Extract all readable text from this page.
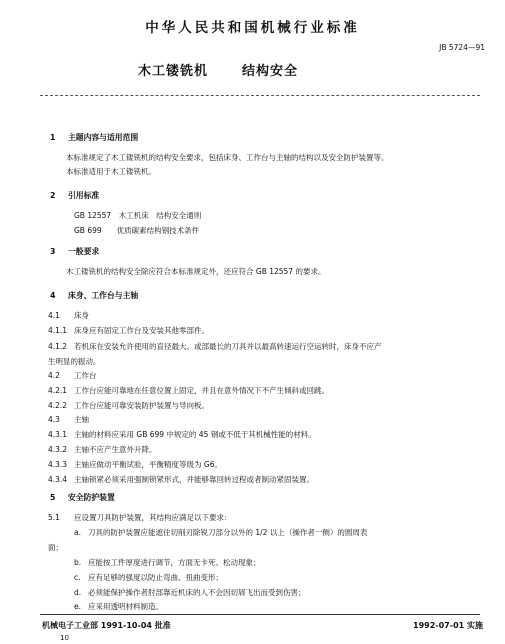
中华人民共和国机械行业标准
JB 5724—91
木工镂铣机	结构安全
1 主题内容与适用范围
2 引用标准
3 一般要求
4 床身、工作台与主轴
5 安全防护装置
本标准规定了木工镂铣机的结构安全要求，包括床身、工作台与主轴的结构以及安全防护装置等。
本标准适用于木工镂铣机。
GB 12557　木工机床　结构安全通则
GB 699　　优质碳素结构钢技术条件
木工镂铣机的结构安全除应符合本标准规定外，还应符合 GB 12557 的要求。
4.1 床身
4.1.1 床身应有固定工作台及安装其他零部件。
4.1.2 若机床在安装允许使用的直径最大、或部最长的刀具并以最高转速运行空运转时，床身不应产
生明显的振动。
4.2 工作台
4.2.1 工作台应能可靠地在任意位置上固定，并且在意外情况下不产生倾斜或回跳。
4.2.2 工作台应能可靠安装防护装置与导向板。
4.3 主轴
4.3.1 主轴的材料应采用 GB 699 中规定的 45 钢或不低于其机械性能的材料。
4.3.2 主轴不应产生意外升降。
4.3.3 主轴应做动平衡试验，平衡精度等级为 G6。
4.3.4 主轴锁紧必须采用强制锁紧形式，并能够靠回转过程或者制动紧固装置。
5.1 应设置刀具防护装置，其结构应满足以下要求：
a. 刀具的防护装置应能遮住切削刃除锐刀部分以外的 1/2 以上（操作者一侧）的圆周表
面；
b. 应能按工件厚度进行调节，方面无卡死、松动现象；
c. 应有足够的强度以防止弯曲、扭曲变形；
d. 必须能保护操作者肘部靠近机床的人不会因切屑飞出而受到伤害；
e. 应采用透明材料制造。
机械电子工业部 1991-10-04 批准	1992-07-01 实施
10
